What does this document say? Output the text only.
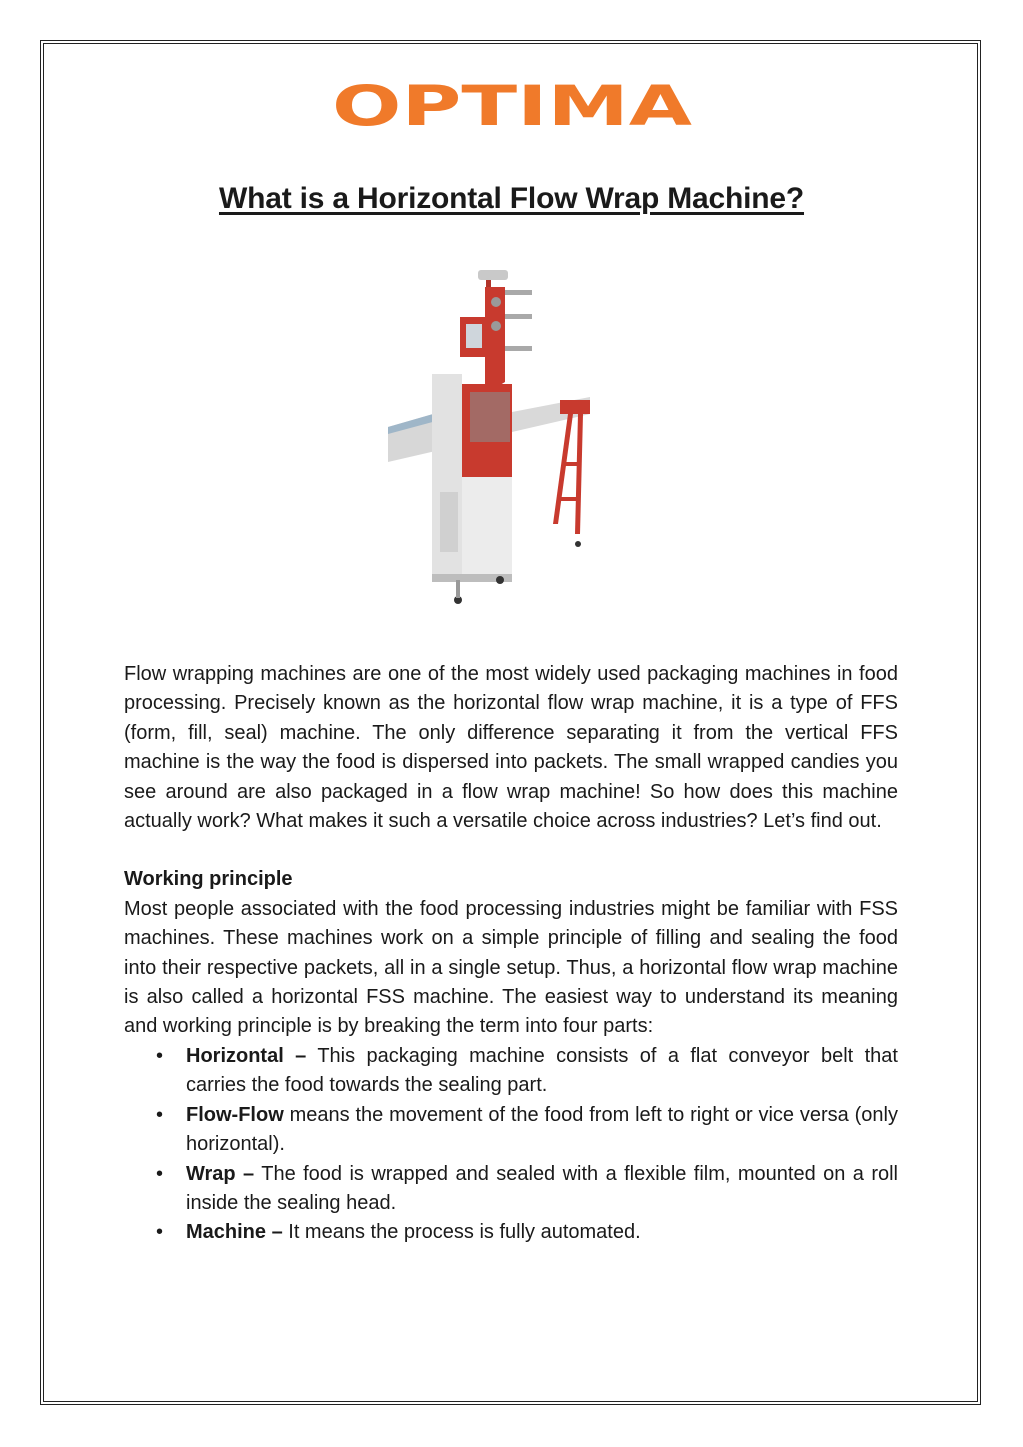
OPTIMA
What is a Horizontal Flow Wrap Machine?

Flow wrapping machines are one of the most widely used packaging machines in food processing. Precisely known as the horizontal flow wrap machine, it is a type of FFS (form, fill, seal) machine. The only difference separating it from the vertical FFS machine is the way the food is dispersed into packets. The small wrapped candies you see around are also packaged in a flow wrap machine! So how does this machine actually work? What makes it such a versatile choice across industries? Let’s find out.

Working principle

Most people associated with the food processing industries might be familiar with FSS machines. These machines work on a simple principle of filling and sealing the food into their respective packets, all in a single setup. Thus, a horizontal flow wrap machine is also called a horizontal FSS machine. The easiest way to understand its meaning and working principle is by breaking the term into four parts:

• Horizontal – This packaging machine consists of a flat conveyor belt that carries the food towards the sealing part.
• Flow-Flow means the movement of the food from left to right or vice versa (only horizontal).
• Wrap – The food is wrapped and sealed with a flexible film, mounted on a roll inside the sealing head.
• Machine – It means the process is fully automated.
